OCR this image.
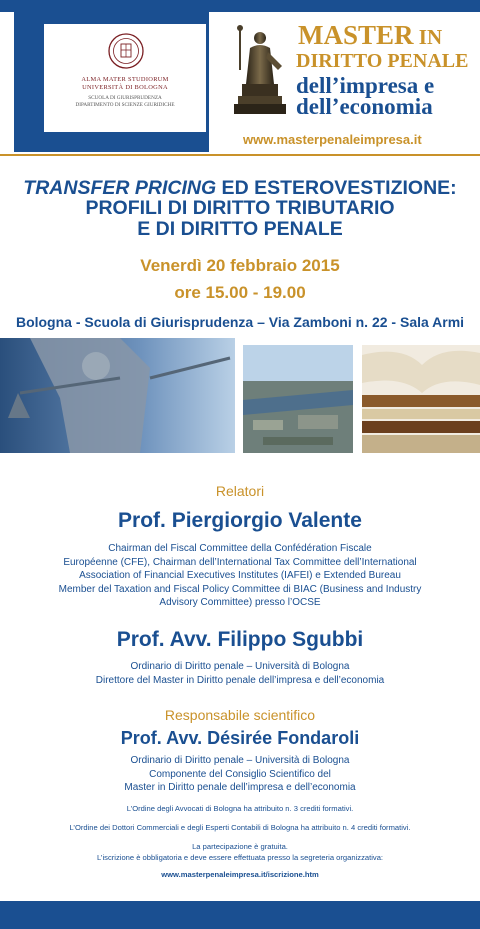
ALMA MATER STUDIORUM
UNIVERSITÀ DI BOLOGNA
SCUOLA DI GIURISPRUDENZA
DIPARTIMENTO DI SCIENZE GIURIDICHE
MASTER IN
DIRITTO PENALE
dell’impresa e
dell’economia
www.masterpenaleimpresa.it
TRANSFER PRICING ED ESTEROVESTIZIONE:
PROFILI DI DIRITTO TRIBUTARIO
E DI DIRITTO PENALE
Venerdì 20 febbraio 2015
ore 15.00 - 19.00
Bologna - Scuola di Giurisprudenza – Via Zamboni n. 22 - Sala Armi
Relatori
Prof. Piergiorgio Valente
Chairman del Fiscal Committee della Confédération Fiscale
Européenne (CFE), Chairman dell’International Tax Committee dell’International
Association of Financial Executives Institutes (IAFEI) e Extended Bureau
Member del Taxation and Fiscal Policy Committee di BIAC (Business and Industry
Advisory Committee) presso l’OCSE
Prof. Avv. Filippo Sgubbi
Ordinario di Diritto penale – Università di Bologna
Direttore del Master in Diritto penale dell’impresa e dell’economia
Responsabile scientifico
Prof. Avv. Désirée Fondaroli
Ordinario di Diritto penale – Università di Bologna
Componente del Consiglio Scientifico del
Master in Diritto penale dell’impresa e dell’economia
L’Ordine degli Avvocati di Bologna ha attribuito n. 3 crediti formativi.
L’Ordine dei Dottori Commerciali e degli Esperti Contabili di Bologna ha attribuito n. 4 crediti formativi.
La partecipazione è gratuita.
L’iscrizione è obbligatoria e deve essere effettuata presso la segreteria organizzativa:
www.masterpenaleimpresa.it/iscrizione.htm
